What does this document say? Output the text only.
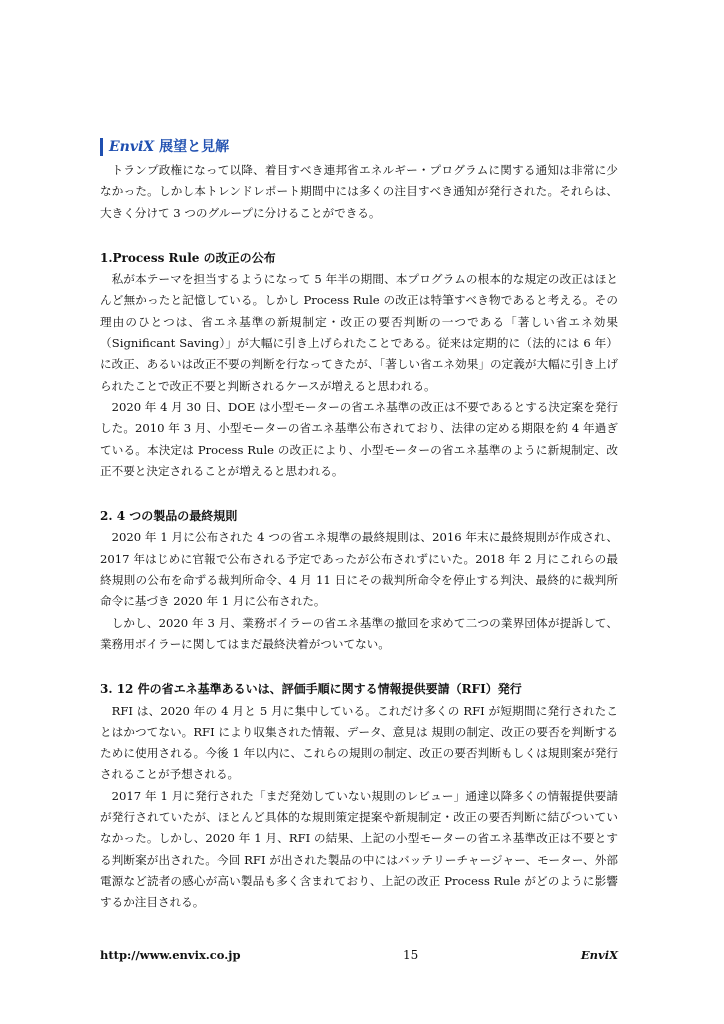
EnviX 展望と見解

トランプ政権になって以降、着目すべき連邦省エネルギー・プログラムに関する通知は非常に少なかった。しかし本トレンドレポート期間中には多くの注目すべき通知が発行された。それらは、大きく分けて 3 つのグループに分けることができる。

1.Process Rule の改正の公布

私が本テーマを担当するようになって 5 年半の期間、本プログラムの根本的な規定の改正はほとんど無かったと記憶している。しかし Process Rule の改正は特筆すべき物であると考える。その理由のひとつは、省エネ基準の新規制定・改正の要否判断の一つである「著しい省エネ効果（Significant Saving）」が大幅に引き上げられたことである。従来は定期的に（法的には 6 年）に改正、あるいは改正不要の判断を行なってきたが、「著しい省エネ効果」の定義が大幅に引き上げられたことで改正不要と判断されるケースが増えると思われる。

2020 年 4 月 30 日、DOE は小型モーターの省エネ基準の改正は不要であるとする決定案を発行した。2010 年 3 月、小型モーターの省エネ基準公布されており、法律の定める期限を約 4 年過ぎている。本決定は Process Rule の改正により、小型モーターの省エネ基準のように新規制定、改正不要と決定されることが増えると思われる。

2. 4 つの製品の最終規則

2020 年 1 月に公布された 4 つの省エネ規準の最終規則は、2016 年末に最終規則が作成され、2017 年はじめに官報で公布される予定であったが公布されずにいた。2018 年 2 月にこれらの最終規則の公布を命ずる裁判所命令、4 月 11 日にその裁判所命令を停止する判決、最終的に裁判所命令に基づき 2020 年 1 月に公布された。

しかし、2020 年 3 月、業務ボイラーの省エネ基準の撤回を求めて二つの業界団体が提訴して、業務用ボイラーに関してはまだ最終決着がついてない。

3. 12 件の省エネ基準あるいは、評価手順に関する情報提供要請（RFI）発行

RFI は、2020 年の 4 月と 5 月に集中している。これだけ多くの RFI が短期間に発行されたことはかつてない。RFI により収集された情報、データ、意見は 規則の制定、改正の要否を判断するために使用される。今後 1 年以内に、これらの規則の制定、改正の要否判断もしくは規則案が発行されることが予想される。

2017 年 1 月に発行された「まだ発効していない規則のレビュー」通達以降多くの情報提供要請が発行されていたが、ほとんど具体的な規則策定提案や新規制定・改正の要否判断に結びついていなかった。しかし、2020 年 1 月、RFI の結果、上記の小型モーターの省エネ基準改正は不要とする判断案が出された。今回 RFI が出された製品の中にはバッテリーチャージャー、モーター、外部電源など読者の感心が高い製品も多く含まれており、上記の改正 Process Rule がどのように影響するか注目される。

http://www.envix.co.jp	15	EnviX
